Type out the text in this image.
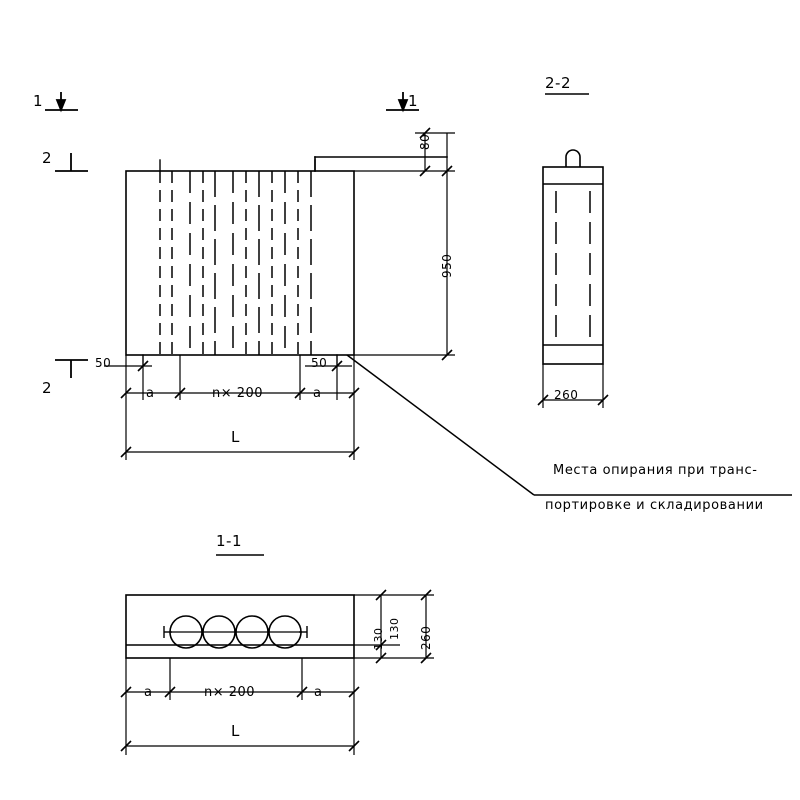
1	1
2
2
950
80
50	50
a	n× 200	a
L
2-2
260
Места опирания при транс-
портировке и складировании
1-1
130 130 260
a	n× 200	a
L
